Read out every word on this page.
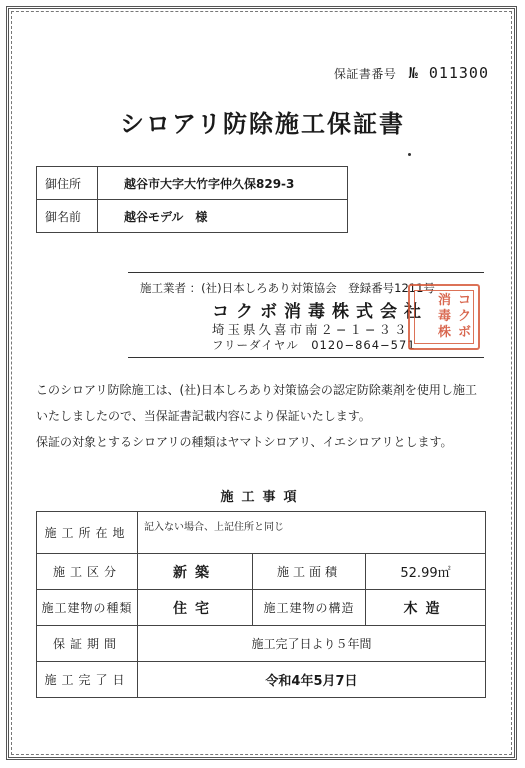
保証書番号 № 011300
シロアリ防除施工保証書
御住所	越谷市大字大竹字仲久保829-3
御名前	越谷モデル　様
施工業者 ：(社)日本しろあり対策協会　登録番号1211号
コクボ消毒株式会社
埼玉県久喜市南２−１−３３
フリーダイヤル　0120−864−571
コ
ク
ボ
消
毒
株
このシロアリ防除施工は、(社)日本しろあり対策協会の認定防除薬剤を使用し施工
いたしましたので、当保証書記載内容により保証いたします。
保証の対象とするシロアリの種類はヤマトシロアリ、イエシロアリとします。
施工事項
施工所在地	記入ない場合、上記住所と同じ		
施工区分	新築	施工面積	52.99㎡
施工建物の種類	住宅	施工建物の構造	木造
保証期間	施工完了日より５年間		
施工完了日	令和4年5月7日		
